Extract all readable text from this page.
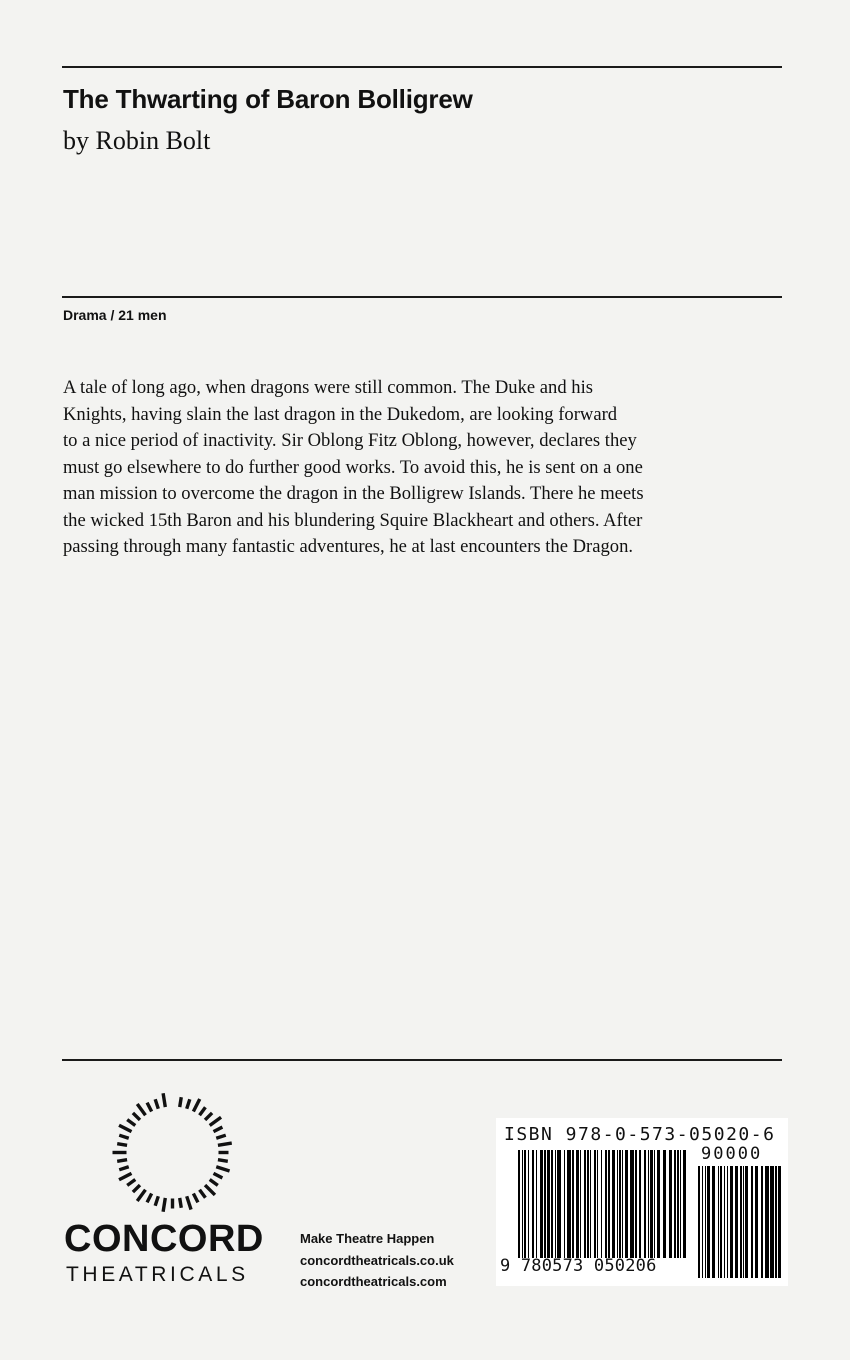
The Thwarting of Baron Bolligrew
by Robin Bolt
Drama / 21 men
A tale of long ago, when dragons were still common. The Duke and his
Knights, having slain the last dragon in the Dukedom, are looking forward
to a nice period of inactivity. Sir Oblong Fitz Oblong, however, declares they
must go elsewhere to do further good works. To avoid this, he is sent on a one
man mission to overcome the dragon in the Bolligrew Islands. There he meets
the wicked 15th Baron and his blundering Squire Blackheart and others. After
passing through many fantastic adventures, he at last encounters the Dragon.
CONCORD
THEATRICALS
Make Theatre Happen
concordtheatricals.co.uk
concordtheatricals.com
ISBN 978-0-573-05020-6
90000
9 780573 050206
